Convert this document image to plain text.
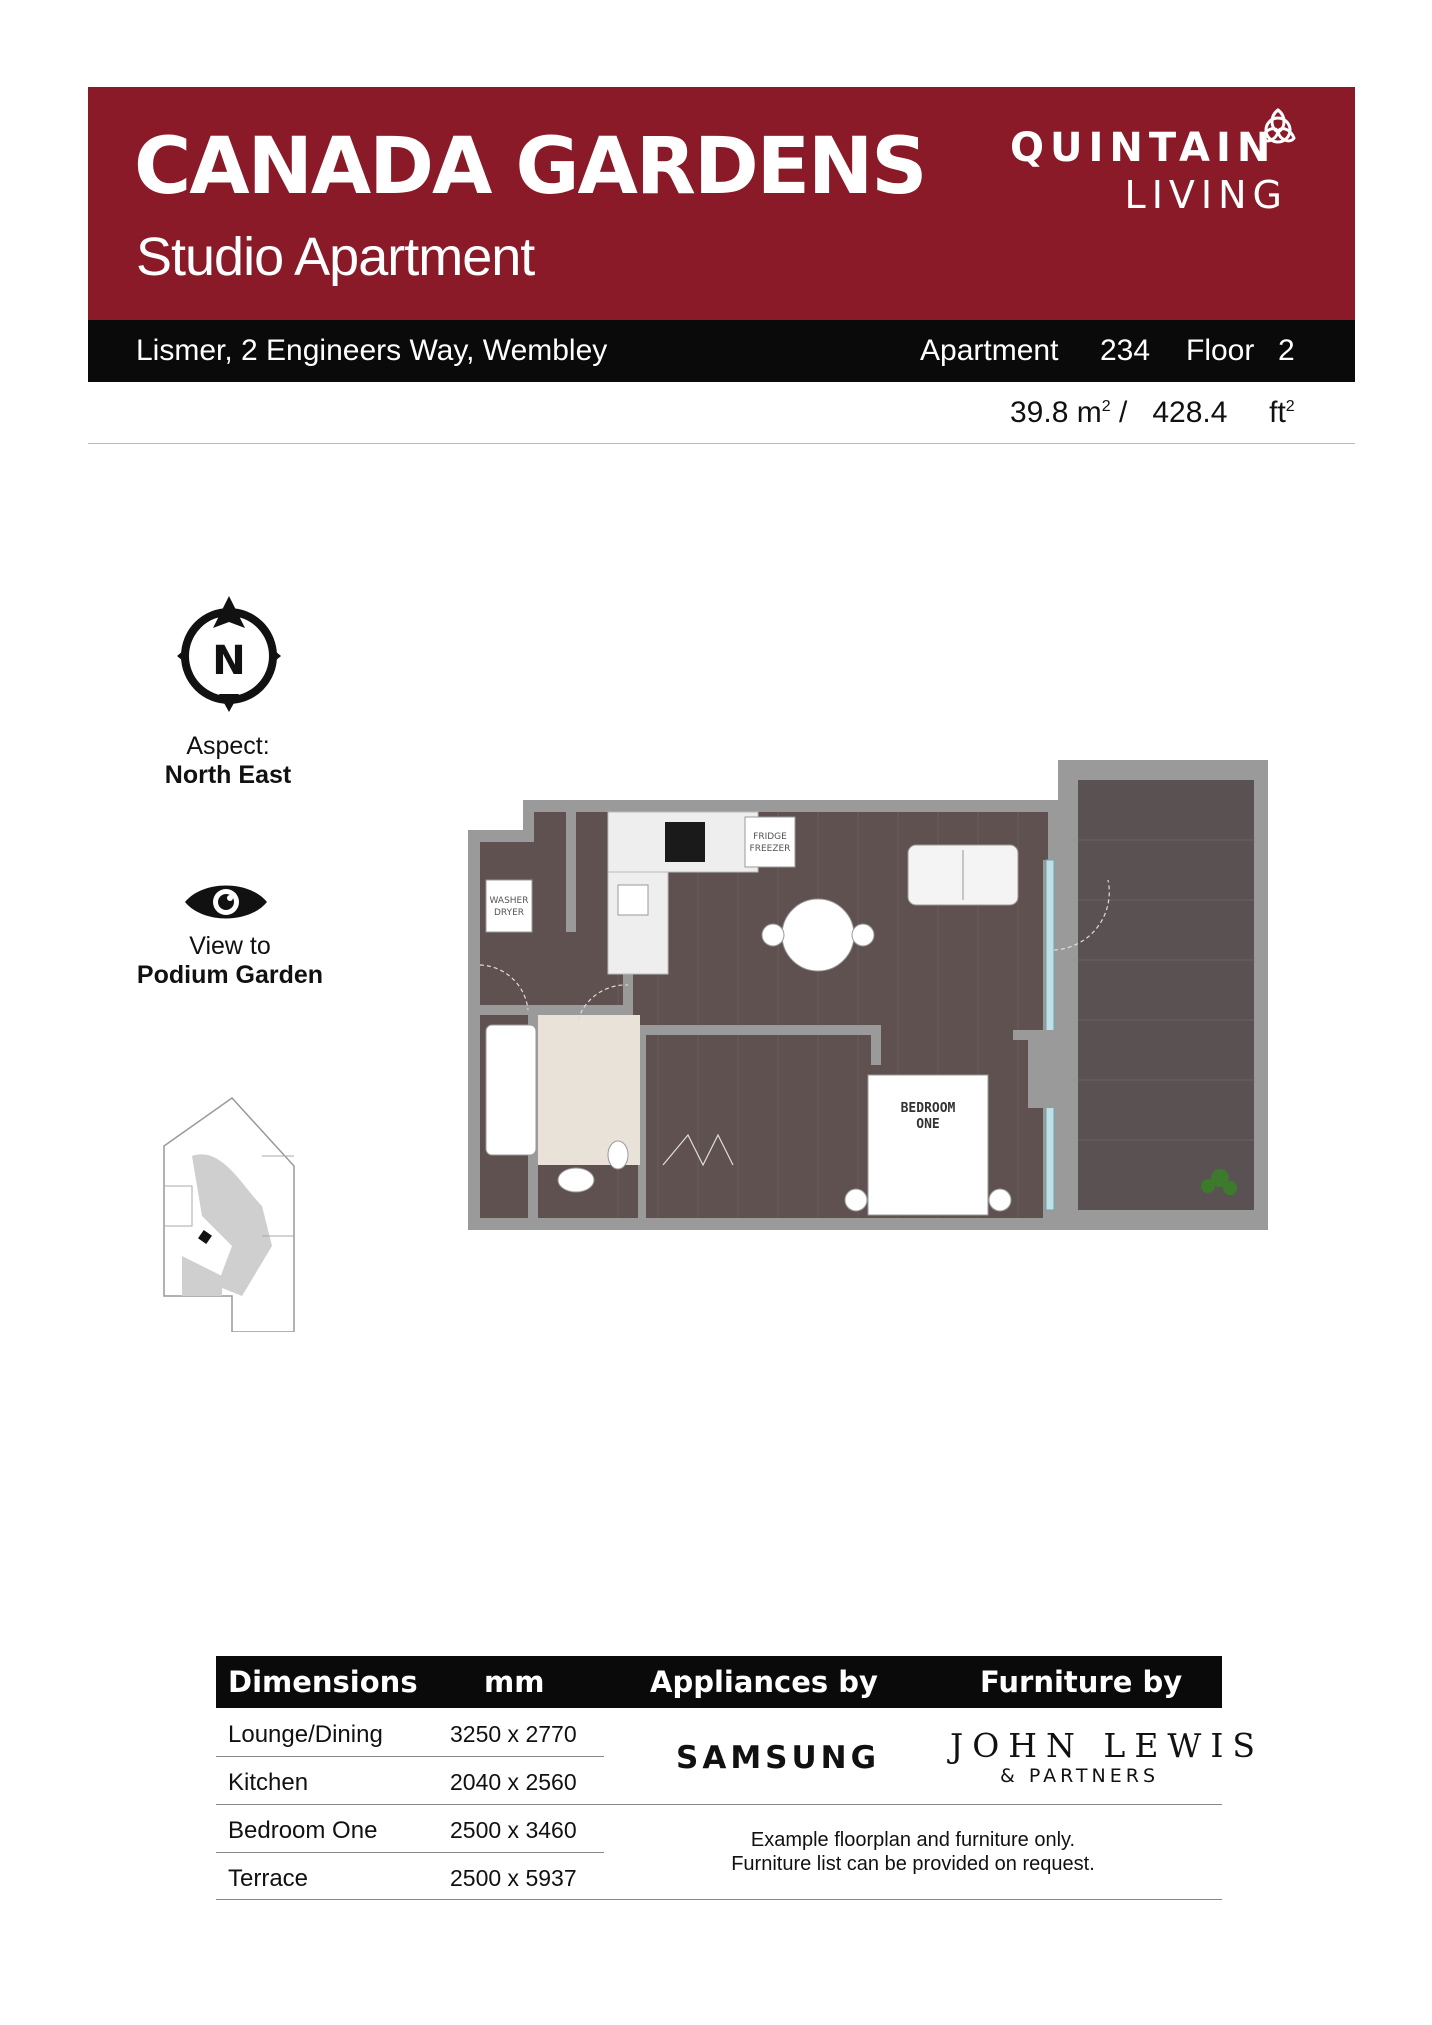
CANADA GARDENS
Studio Apartment
QUINTAIN
LIVING
Lismer, 2 Engineers Way, Wembley	Apartment 234 Floor 2
39.8 $m^2 / 428.4$ $ft^2$
N
Aspect:
North East
View to
Podium Garden
FRIDGE
FREEZER
WASHER
DRYER
BEDROOM
ONE
Dimensions mm	Appliances by	Furniture by
Lounge/Dining	3250 x 2770
Kitchen	2040 x 2560
Bedroom One	2500 x 3460
Terrace	2500 x 5937
SAMSUNG JOHN LEWIS
& PARTNERS
Example floorplan and furniture only.
Furniture list can be provided on request.
